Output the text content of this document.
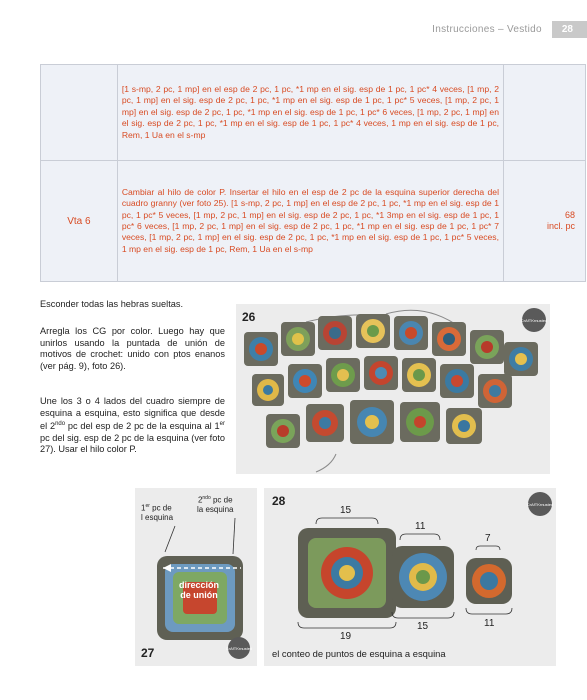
Instrucciones – Vestido	28
	[1 s-mp, 2 pc, 1 mp] en el esp de 2 pc, 1 pc, *1 mp en el sig. esp de 1 pc, 1 pc* 4 veces, [1 mp, 2 pc, 1 mp] en el sig. esp de 2 pc, 1 pc, *1 mp en el sig. esp de 1 pc, 1 pc* 5 veces, [1 mp, 2 pc, 1 mp] en el sig. esp de 2 pc, 1 pc, *1 mp en el sig. esp de 1 pc, 1 pc* 6 veces, [1 mp, 2 pc, 1 mp] en el sig. esp de 2 pc, 1 pc, *1 mp en el sig. esp de 1 pc, 1 pc* 4 veces, 1 mp en el sig. esp de 1 pc, Rem, 1 Ua en el s-mp	

Vta 6	Cambiar al hilo de color P. Insertar el hilo en el esp de 2 pc de la esquina superior derecha del cuadro granny (ver foto 25). [1 s-mp, 2 pc, 1 mp] en el esp de 2 pc, 1 pc, *1 mp en el sig. esp de 1 pc, 1 pc* 5 veces, [1 mp, 2 pc, 1 mp] en el sig. esp de 2 pc, 1 pc, *1 3mp en el sig. esp de 1 pc, 1 pc* 6 veces, [1 mp, 2 pc, 1 mp] en el sig. esp de 2 pc, 1 pc, *1 mp en el sig. esp de 1 pc, 1 pc* 7 veces, [1 mp, 2 pc, 1 mp] en el sig. esp de 2 pc, 1 pc, *1 mp en el sig. esp de 1 pc, 1 pc* 5 veces, 1 mp en el sig. esp de 1 pc, Rem, 1 Ua en el s-mp	68
incl. pc
Esconder todas las hebras sueltas.
Arregla los CG por color. Luego hay que unirlos usando la puntada de unión de motivos de crochet: unido con ptos enanos (ver pág. 9), foto 26).
Une los 3 o 4 lados del cuadro siempre de esquina a esquina, esto significa que desde el $2^{ndo}$ pc del esp de 2 pc de la esquina al 1er pc del sig. esp de 2 pc de la esquina (ver foto 27). Usar el hilo color P.
CrAfTKrnusted
26
CrAfTKrnusted
1er pc de
l esquina
$2^{ndo}$ pc de
la esquina
dirección
de unión
27
CrAfTKrnusted
28
15
11
7
19
15	11
el conteo de puntos de esquina a esquina
